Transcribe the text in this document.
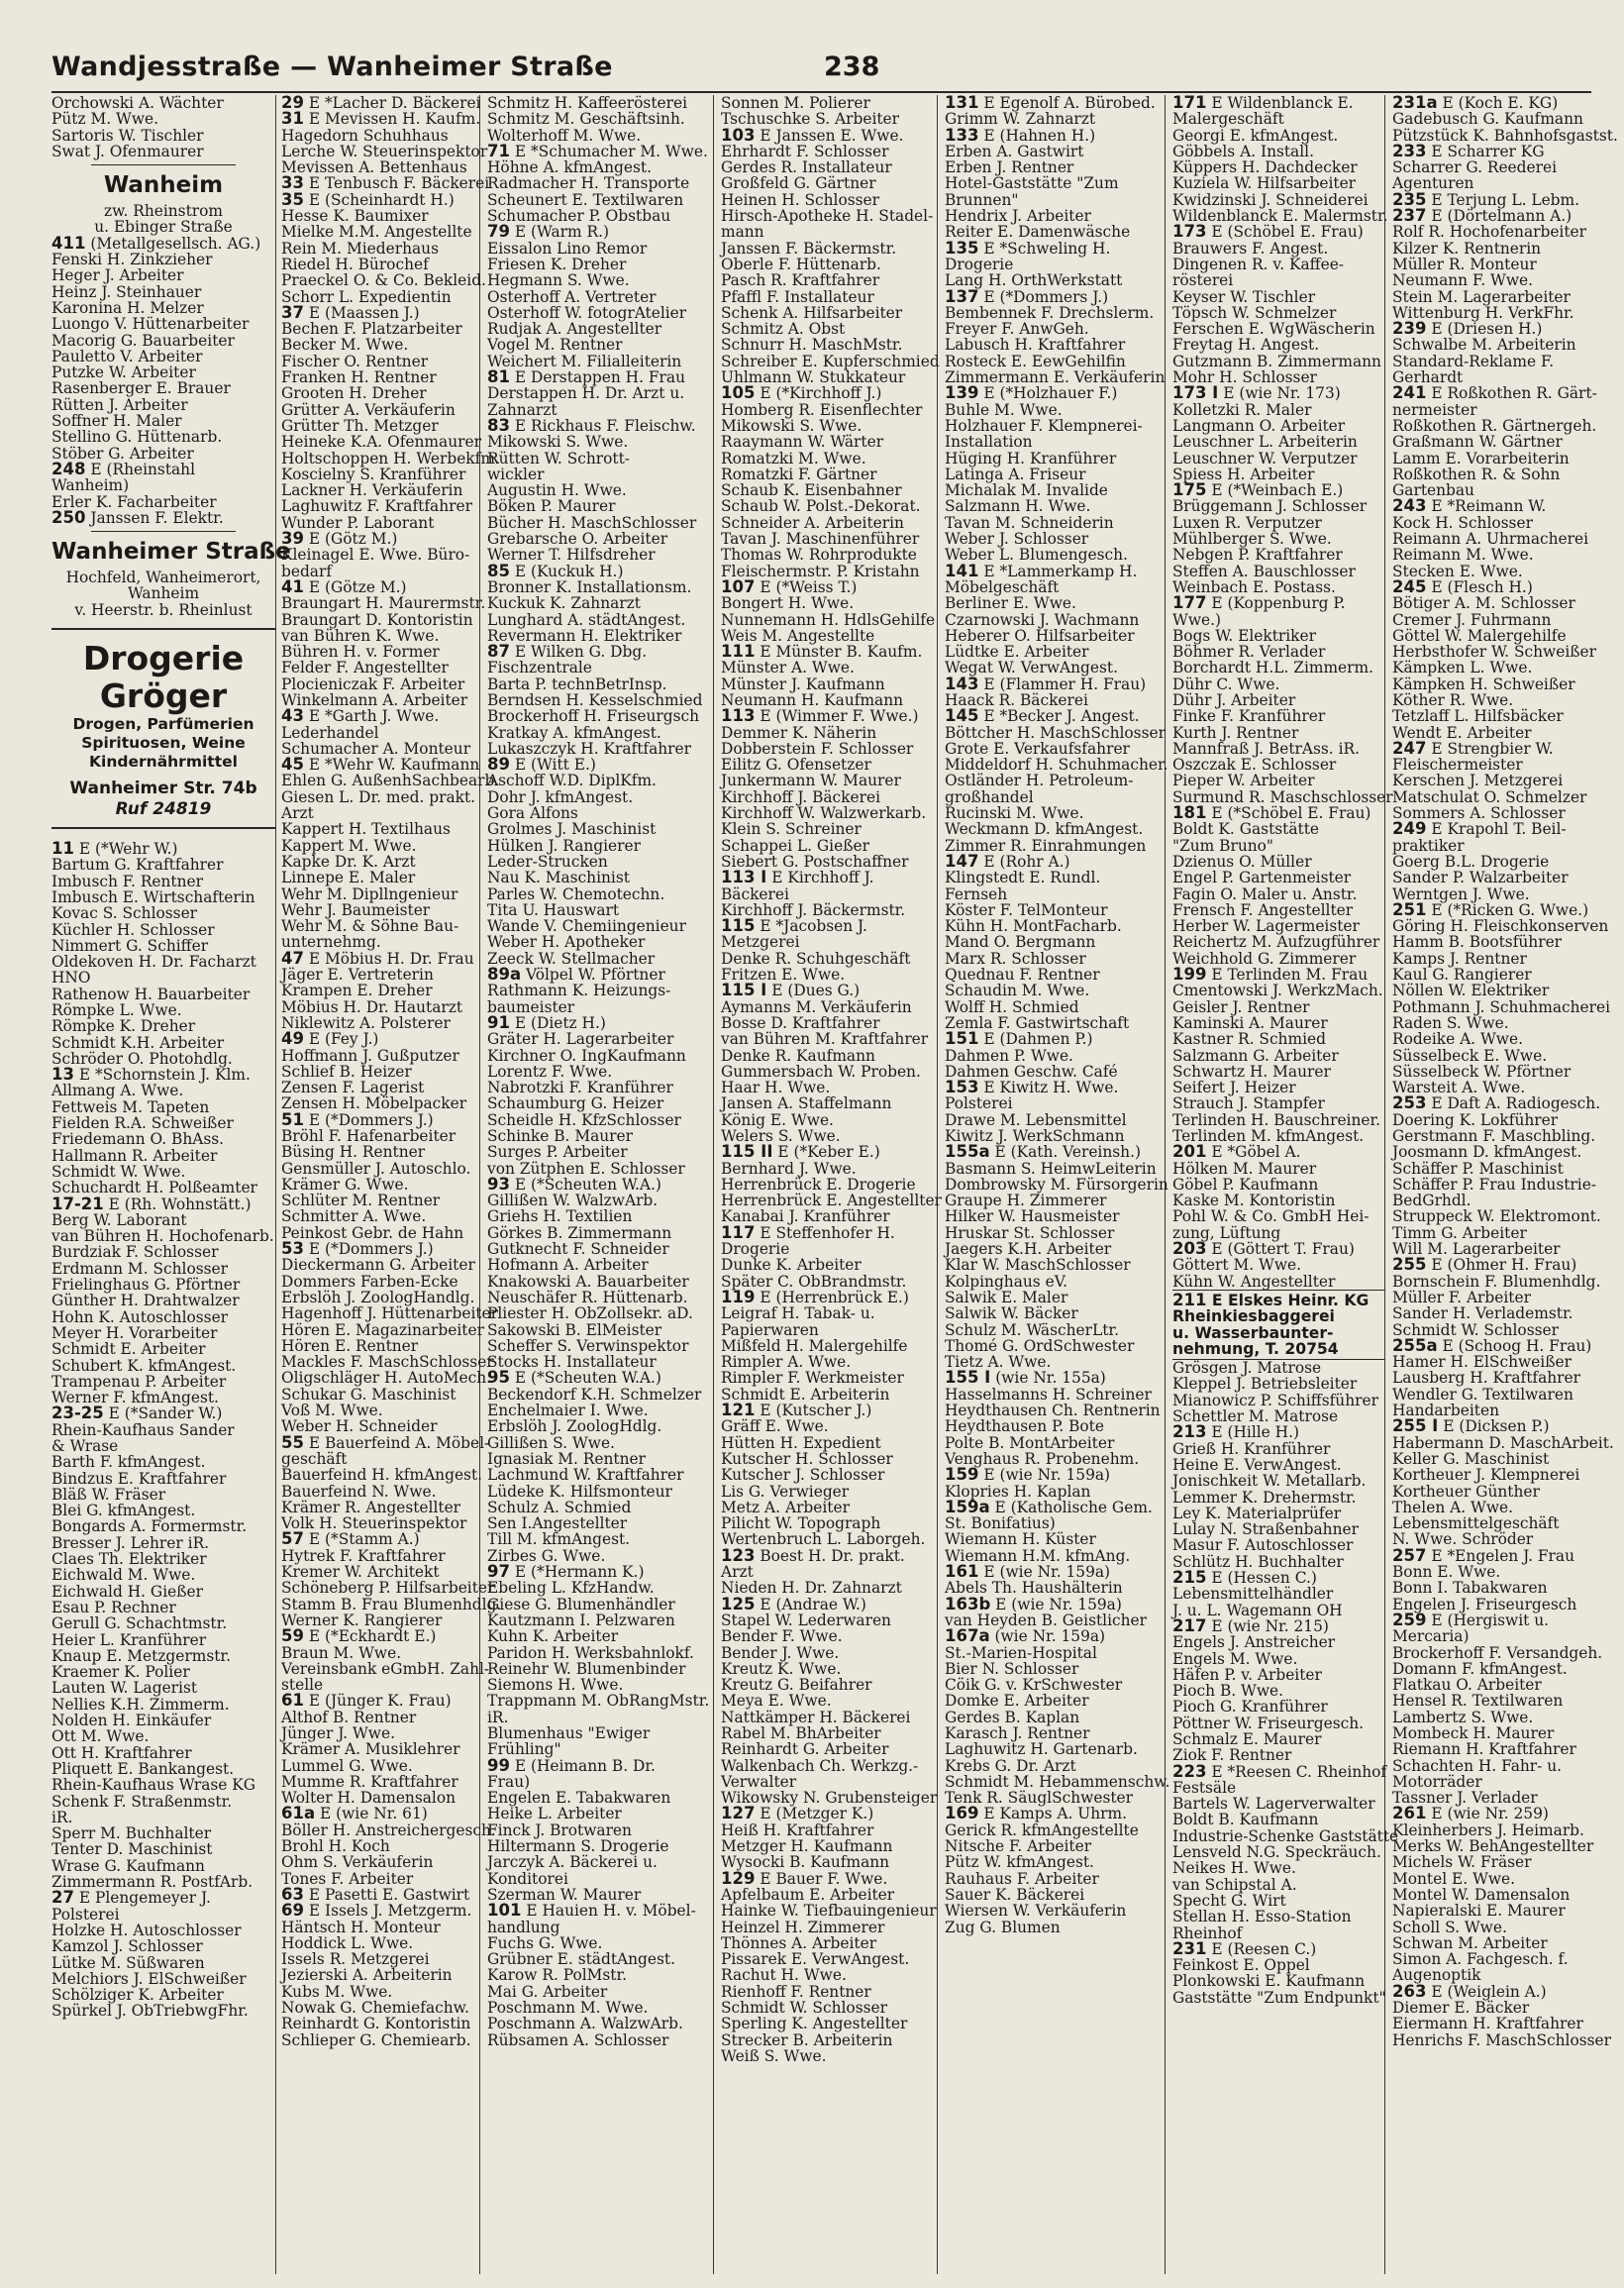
Wandjesstraße — Wanheimer Straße	238
Orchowski A. Wächter
Pütz M. Wwe.
Sartoris W. Tischler
Swat J. Ofenmaurer
Wanheim
zw. Rheinstrom
u. Ebinger Straße
411 (Metallgesellsch. AG.)
Fenski H. Zinkzieher
Heger J. Arbeiter
Heinz J. Steinhauer
Karonina H. Melzer
Luongo V. Hüttenarbeiter
Macorig G. Bauarbeiter
Pauletto V. Arbeiter
Putzke W. Arbeiter
Rasenberger E. Brauer
Rütten J. Arbeiter
Soffner H. Maler
Stellino G. Hüttenarb.
Stöber G. Arbeiter
248 E (Rheinstahl
Wanheim)
Erler K. Facharbeiter
250 Janssen F. Elektr.
Wanheimer Straße
Hochfeld, Wanheimerort,
Wanheim
v. Heerstr. b. Rheinlust
Drogerie
Gröger
Drogen, Parfümerien
Spirituosen, Weine
Kindernährmittel
Wanheimer Str. 74b
Ruf 24819
11 E (*Wehr W.)
Bartum G. Kraftfahrer
Imbusch F. Rentner
Imbusch E. Wirtschafterin
Kovac S. Schlosser
Küchler H. Schlosser
Nimmert G. Schiffer
Oldekoven H. Dr. Facharzt
HNO
Rathenow H. Bauarbeiter
Römpke L. Wwe.
Römpke K. Dreher
Schmidt K.H. Arbeiter
Schröder O. Photohdlg.
13 E *Schornstein J. Klm.
Allmang A. Wwe.
Fettweis M. Tapeten
Fielden R.A. Schweißer
Friedemann O. BhAss.
Hallmann R. Arbeiter
Schmidt W. Wwe.
Schuchardt H. Polßeamter
17-21 E (Rh. Wohnstätt.)
Berg W. Laborant
van Bühren H. Hochofenarb.
Burdziak F. Schlosser
Erdmann M. Schlosser
Frielinghaus G. Pförtner
Günther H. Drahtwalzer
Hohn K. Autoschlosser
Meyer H. Vorarbeiter
Schmidt E. Arbeiter
Schubert K. kfmAngest.
Trampenau P. Arbeiter
Werner F. kfmAngest.
23-25 E (*Sander W.)
Rhein-Kaufhaus Sander
& Wrase
Barth F. kfmAngest.
Bindzus E. Kraftfahrer
Bläß W. Fräser
Blei G. kfmAngest.
Bongards A. Formermstr.
Bresser J. Lehrer iR.
Claes Th. Elektriker
Eichwald M. Wwe.
Eichwald H. Gießer
Esau P. Rechner
Gerull G. Schachtmstr.
Heier L. Kranführer
Knaup E. Metzgermstr.
Kraemer K. Polier
Lauten W. Lagerist
Nellies K.H. Zimmerm.
Nolden H. Einkäufer
Ott M. Wwe.
Ott H. Kraftfahrer
Pliquett E. Bankangest.
Rhein-Kaufhaus Wrase KG
Schenk F. Straßenmstr.
iR.
Sperr M. Buchhalter
Tenter D. Maschinist
Wrase G. Kaufmann
Zimmermann R. PostfArb.
27 E Plengemeyer J.
Polsterei
Holzke H. Autoschlosser
Kamzol J. Schlosser
Lütke M. Süßwaren
Melchiors J. ElSchweißer
Schölziger K. Arbeiter
Spürkel J. ObTriebwgFhr.
29 E *Lacher D. Bäckerei
31 E Mevissen H. Kaufm.
Hagedorn Schuhhaus
Lerche W. Steuerinspektor
Mevissen A. Bettenhaus
33 E Tenbusch F. Bäckerei
35 E (Scheinhardt H.)
Hesse K. Baumixer
Mielke M.M. Angestellte
Rein M. Miederhaus
Riedel H. Bürochef
Praeckel O. & Co. Bekleid.
Schorr L. Expedientin
37 E (Maassen J.)
Bechen F. Platzarbeiter
Becker M. Wwe.
Fischer O. Rentner
Franken H. Rentner
Grooten H. Dreher
Grütter A. Verkäuferin
Grütter Th. Metzger
Heineke K.A. Ofenmaurer
Holtschoppen H. Werbekfm.
Koscielny S. Kranführer
Lackner H. Verkäuferin
Laghuwitz F. Kraftfahrer
Wunder P. Laborant
39 E (Götz M.)
Kleinagel E. Wwe. Büro-
bedarf
41 E (Götze M.)
Braungart H. Maurermstr.
Braungart D. Kontoristin
van Bühren K. Wwe.
Bühren H. v. Former
Felder F. Angestellter
Plocieniczak F. Arbeiter
Winkelmann A. Arbeiter
43 E *Garth J. Wwe.
Lederhandel
Schumacher A. Monteur
45 E *Wehr W. Kaufmann
Ehlen G. AußenhSachbearb.
Giesen L. Dr. med. prakt.
Arzt
Kappert H. Textilhaus
Kappert M. Wwe.
Kapke Dr. K. Arzt
Linnepe E. Maler
Wehr M. Dipllngenieur
Wehr J. Baumeister
Wehr M. & Söhne Bau-
unternehmg.
47 E Möbius H. Dr. Frau
Jäger E. Vertreterin
Krampen E. Dreher
Möbius H. Dr. Hautarzt
Niklewitz A. Polsterer
49 E (Fey J.)
Hoffmann J. Gußputzer
Schlief B. Heizer
Zensen F. Lagerist
Zensen H. Möbelpacker
51 E (*Dommers J.)
Bröhl F. Hafenarbeiter
Büsing H. Rentner
Gensmüller J. Autoschlo.
Krämer G. Wwe.
Schlüter M. Rentner
Schmitter A. Wwe.
Peinkost Gebr. de Hahn
53 E (*Dommers J.)
Dieckermann G. Arbeiter
Dommers Farben-Ecke
Erbslöh J. ZoologHandlg.
Hagenhoff J. Hüttenarbeiter
Hören E. Magazinarbeiter
Hören E. Rentner
Mackles F. MaschSchlosser
Oligschläger H. AutoMech.
Schukar G. Maschinist
Voß M. Wwe.
Weber H. Schneider
55 E Bauerfeind A. Möbel-
geschäft
Bauerfeind H. kfmAngest.
Bauerfeind N. Wwe.
Krämer R. Angestellter
Volk H. Steuerinspektor
57 E (*Stamm A.)
Hytrek F. Kraftfahrer
Kremer W. Architekt
Schöneberg P. Hilfsarbeiter
Stamm B. Frau Blumenhdlg.
Werner K. Rangierer
59 E (*Eckhardt E.)
Braun M. Wwe.
Vereinsbank eGmbH. Zahl-
stelle
61 E (Jünger K. Frau)
Althof B. Rentner
Jünger J. Wwe.
Krämer A. Musiklehrer
Lummel G. Wwe.
Mumme R. Kraftfahrer
Wolter H. Damensalon
61a E (wie Nr. 61)
Böller H. Anstreichergesch.
Brohl H. Koch
Ohm S. Verkäuferin
Tones F. Arbeiter
63 E Pasetti E. Gastwirt
69 E Issels J. Metzgerm.
Häntsch H. Monteur
Hoddick L. Wwe.
Issels R. Metzgerei
Jezierski A. Arbeiterin
Kubs M. Wwe.
Nowak G. Chemiefachw.
Reinhardt G. Kontoristin
Schlieper G. Chemiearb.
Schmitz H. Kaffeerösterei
Schmitz M. Geschäftsinh.
Wolterhoff M. Wwe.
71 E *Schumacher M. Wwe.
Höhne A. kfmAngest.
Radmacher H. Transporte
Scheunert E. Textilwaren
Schumacher P. Obstbau
79 E (Warm R.)
Eissalon Lino Remor
Friesen K. Dreher
Hegmann S. Wwe.
Osterhoff A. Vertreter
Osterhoff W. fotogrAtelier
Rudjak A. Angestellter
Vogel M. Rentner
Weichert M. Filialleiterin
81 E Derstappen H. Frau
Derstappen H. Dr. Arzt u.
Zahnarzt
83 E Rickhaus F. Fleischw.
Mikowski S. Wwe.
Rütten W. Schrott-
wickler
Augustin H. Wwe.
Böken P. Maurer
Bücher H. MaschSchlosser
Grebarsche O. Arbeiter
Werner T. Hilfsdreher
85 E (Kuckuk H.)
Bronner K. Installationsm.
Kuckuk K. Zahnarzt
Lunghard A. städtAngest.
Revermann H. Elektriker
87 E Wilken G. Dbg.
Fischzentrale
Barta P. technBetrInsp.
Berndsen H. Kesselschmied
Brockerhoff H. Friseurgsch
Kratkay A. kfmAngest.
Lukaszczyk H. Kraftfahrer
89 E (Witt E.)
Aschoff W.D. DiplKfm.
Dohr J. kfmAngest.
Gora Alfons
Grolmes J. Maschinist
Hülken J. Rangierer
Leder-Strucken
Nau K. Maschinist
Parles W. Chemotechn.
Tita U. Hauswart
Wande V. Chemiingenieur
Weber H. Apotheker
Zeeck W. Stellmacher
89a Völpel W. Pförtner
Rathmann K. Heizungs-
baumeister
91 E (Dietz H.)
Gräter H. Lagerarbeiter
Kirchner O. IngKaufmann
Lorentz F. Wwe.
Nabrotzki F. Kranführer
Schaumburg G. Heizer
Scheidle H. KfzSchlosser
Schinke B. Maurer
Surges P. Arbeiter
von Zütphen E. Schlosser
93 E (*Scheuten W.A.)
Gillißen W. WalzwArb.
Griehs H. Textilien
Görkes B. Zimmermann
Gutknecht F. Schneider
Hofmann A. Arbeiter
Knakowski A. Bauarbeiter
Neuschäfer R. Hüttenarb.
Pliester H. ObZollsekr. aD.
Sakowski B. ElMeister
Scheffer S. Verwinspektor
Stocks H. Installateur
95 E (*Scheuten W.A.)
Beckendorf K.H. Schmelzer
Enchelmaier I. Wwe.
Erbslöh J. ZoologHdlg.
Gillißen S. Wwe.
Ignasiak M. Rentner
Lachmund W. Kraftfahrer
Lüdeke K. Hilfsmonteur
Schulz A. Schmied
Sen I.Angestellter
Till M. kfmAngest.
Zirbes G. Wwe.
97 E (*Hermann K.)
Ebeling L. KfzHandw.
Giese G. Blumenhändler
Kautzmann I. Pelzwaren
Kuhn K. Arbeiter
Paridon H. Werksbahnlokf.
Reinehr W. Blumenbinder
Siemons H. Wwe.
Trappmann M. ObRangMstr.
iR.
Blumenhaus "Ewiger
Frühling"
99 E (Heimann B. Dr.
Frau)
Engelen E. Tabakwaren
Heike L. Arbeiter
Finck J. Brotwaren
Hiltermann S. Drogerie
Jarczyk A. Bäckerei u.
Konditorei
Szerman W. Maurer
101 E Hauien H. v. Möbel-
handlung
Fuchs G. Wwe.
Grübner E. städtAngest.
Karow R. PolMstr.
Mai G. Arbeiter
Poschmann M. Wwe.
Poschmann A. WalzwArb.
Rübsamen A. Schlosser
Sonnen M. Polierer
Tschuschke S. Arbeiter
103 E Janssen E. Wwe.
Ehrhardt F. Schlosser
Gerdes R. Installateur
Großfeld G. Gärtner
Heinen H. Schlosser
Hirsch-Apotheke H. Stadel-
mann
Janssen F. Bäckermstr.
Oberle F. Hüttenarb.
Pasch R. Kraftfahrer
Pfaffl F. Installateur
Schenk A. Hilfsarbeiter
Schmitz A. Obst
Schnurr H. MaschMstr.
Schreiber E. Kupferschmied
Uhlmann W. Stukkateur
105 E (*Kirchhoff J.)
Homberg R. Eisenflechter
Mikowski S. Wwe.
Raaymann W. Wärter
Romatzki M. Wwe.
Romatzki F. Gärtner
Schaub K. Eisenbahner
Schaub W. Polst.-Dekorat.
Schneider A. Arbeiterin
Tavan J. Maschinenführer
Thomas W. Rohrprodukte
Fleischermstr. P. Kristahn
107 E (*Weiss T.)
Bongert H. Wwe.
Nunnemann H. HdlsGehilfe
Weis M. Angestellte
111 E Münster B. Kaufm.
Münster A. Wwe.
Münster J. Kaufmann
Neumann H. Kaufmann
113 E (Wimmer F. Wwe.)
Demmer K. Näherin
Dobberstein F. Schlosser
Eilitz G. Ofensetzer
Junkermann W. Maurer
Kirchhoff J. Bäckerei
Kirchhoff W. Walzwerkarb.
Klein S. Schreiner
Schappei L. Gießer
Siebert G. Postschaffner
113 I E Kirchhoff J.
Bäckerei
Kirchhoff J. Bäckermstr.
115 E *Jacobsen J.
Metzgerei
Denke R. Schuhgeschäft
Fritzen E. Wwe.
115 I E (Dues G.)
Aymanns M. Verkäuferin
Bosse D. Kraftfahrer
van Bühren M. Kraftfahrer
Denke R. Kaufmann
Gummersbach W. Proben.
Haar H. Wwe.
Jansen A. Staffelmann
König E. Wwe.
Welers S. Wwe.
115 II E (*Keber E.)
Bernhard J. Wwe.
Herrenbrück E. Drogerie
Herrenbrück E. Angestellter
Kanabai J. Kranführer
117 E Steffenhofer H.
Drogerie
Dunke K. Arbeiter
Später C. ObBrandmstr.
119 E (Herrenbrück E.)
Leigraf H. Tabak- u.
Papierwaren
Mißfeld H. Malergehilfe
Rimpler A. Wwe.
Rimpler F. Werkmeister
Schmidt E. Arbeiterin
121 E (Kutscher J.)
Gräff E. Wwe.
Hütten H. Expedient
Kutscher H. Schlosser
Kutscher J. Schlosser
Lis G. Verwieger
Metz A. Arbeiter
Pilicht W. Topograph
Wertenbruch L. Laborgeh.
123 Boest H. Dr. prakt.
Arzt
Nieden H. Dr. Zahnarzt
125 E (Andrae W.)
Stapel W. Lederwaren
Bender F. Wwe.
Bender J. Wwe.
Kreutz K. Wwe.
Kreutz G. Beifahrer
Meya E. Wwe.
Nattkämper H. Bäckerei
Rabel M. BhArbeiter
Reinhardt G. Arbeiter
Walkenbach Ch. Werkzg.-
Verwalter
Wikowsky N. Grubensteiger
127 E (Metzger K.)
Heiß H. Kraftfahrer
Metzger H. Kaufmann
Wysocki B. Kaufmann
129 E Bauer F. Wwe.
Apfelbaum E. Arbeiter
Hainke W. Tiefbauingenieur
Heinzel H. Zimmerer
Thönnes A. Arbeiter
Pissarek E. VerwAngest.
Rachut H. Wwe.
Rienhoff F. Rentner
Schmidt W. Schlosser
Sperling K. Angestellter
Strecker B. Arbeiterin
Weiß S. Wwe.
131 E Egenolf A. Bürobed.
Grimm W. Zahnarzt
133 E (Hahnen H.)
Erben A. Gastwirt
Erben J. Rentner
Hotel-Gaststätte "Zum
Brunnen"
Hendrix J. Arbeiter
Reiter E. Damenwäsche
135 E *Schweling H.
Drogerie
Lang H. OrthWerkstatt
137 E (*Dommers J.)
Bembennek F. Drechslerm.
Freyer F. AnwGeh.
Labusch H. Kraftfahrer
Rosteck E. EewGehilfin
Zimmermann E. Verkäuferin
139 E (*Holzhauer F.)
Buhle M. Wwe.
Holzhauer F. Klempnerei-
Installation
Hüging H. Kranführer
Latinga A. Friseur
Michalak M. Invalide
Salzmann H. Wwe.
Tavan M. Schneiderin
Weber J. Schlosser
Weber L. Blumengesch.
141 E *Lammerkamp H.
Möbelgeschäft
Berliner E. Wwe.
Czarnowski J. Wachmann
Heberer O. Hilfsarbeiter
Lüdtke E. Arbeiter
Wegat W. VerwAngest.
143 E (Flammer H. Frau)
Haack R. Bäckerei
145 E *Becker J. Angest.
Böttcher H. MaschSchlosser
Grote E. Verkaufsfahrer
Middeldorf H. Schuhmacher.
Ostländer H. Petroleum-
großhandel
Rucinski M. Wwe.
Weckmann D. kfmAngest.
Zimmer R. Einrahmungen
147 E (Rohr A.)
Klingstedt E. Rundl.
Fernseh
Köster F. TelMonteur
Kühn H. MontFacharb.
Mand O. Bergmann
Marx R. Schlosser
Quednau F. Rentner
Schaudin M. Wwe.
Wolff H. Schmied
Zemla F. Gastwirtschaft
151 E (Dahmen P.)
Dahmen P. Wwe.
Dahmen Geschw. Café
153 E Kiwitz H. Wwe.
Polsterei
Drawe M. Lebensmittel
Kiwitz J. WerkSchmann
155a E (Kath. Vereinsh.)
Basmann S. HeimwLeiterin
Dombrowsky M. Fürsorgerin
Graupe H. Zimmerer
Hilker W. Hausmeister
Hruskar St. Schlosser
Jaegers K.H. Arbeiter
Klar W. MaschSchlosser
Kolpinghaus eV.
Salwik E. Maler
Salwik W. Bäcker
Schulz M. WäscherLtr.
Thomé G. OrdSchwester
Tietz A. Wwe.
155 I (wie Nr. 155a)
Hasselmanns H. Schreiner
Heydthausen Ch. Rentnerin
Heydthausen P. Bote
Polte B. MontArbeiter
Venghaus R. Probenehm.
159 E (wie Nr. 159a)
Klopries H. Kaplan
159a E (Katholische Gem.
St. Bonifatius)
Wiemann H. Küster
Wiemann H.M. kfmAng.
161 E (wie Nr. 159a)
Abels Th. Haushälterin
163b E (wie Nr. 159a)
van Heyden B. Geistlicher
167a (wie Nr. 159a)
St.-Marien-Hospital
Bier N. Schlosser
Cöik G. v. KrSchwester
Domke E. Arbeiter
Gerdes B. Kaplan
Karasch J. Rentner
Laghuwitz H. Gartenarb.
Krebs G. Dr. Arzt
Schmidt M. Hebammenschw.
Tenk R. SäuglSchwester
169 E Kamps A. Uhrm.
Gerick R. kfmAngestellte
Nitsche F. Arbeiter
Pütz W. kfmAngest.
Rauhaus F. Arbeiter
Sauer K. Bäckerei
Wiersen W. Verkäuferin
Zug G. Blumen
171 E Wildenblanck E.
Malergeschäft
Georgi E. kfmAngest.
Göbbels A. Install.
Küppers H. Dachdecker
Kuziela W. Hilfsarbeiter
Kwidzinski J. Schneiderei
Wildenblanck E. Malermstr.
173 E (Schöbel E. Frau)
Brauwers F. Angest.
Dingenen R. v. Kaffee-
rösterei
Keyser W. Tischler
Töpsch W. Schmelzer
Ferschen E. WgWäscherin
Freytag H. Angest.
Gutzmann B. Zimmermann
Mohr H. Schlosser
173 I E (wie Nr. 173)
Kolletzki R. Maler
Langmann O. Arbeiter
Leuschner L. Arbeiterin
Leuschner W. Verputzer
Spiess H. Arbeiter
175 E (*Weinbach E.)
Brüggemann J. Schlosser
Luxen R. Verputzer
Mühlberger S. Wwe.
Nebgen P. Kraftfahrer
Steffen A. Bauschlosser
Weinbach E. Postass.
177 E (Koppenburg P.
Wwe.)
Bogs W. Elektriker
Böhmer R. Verlader
Borchardt H.L. Zimmerm.
Dühr C. Wwe.
Dühr J. Arbeiter
Finke F. Kranführer
Kurth J. Rentner
Mannfraß J. BetrAss. iR.
Oszczak E. Schlosser
Pieper W. Arbeiter
Surmund R. Maschschlosser
181 E (*Schöbel E. Frau)
Boldt K. Gaststätte
"Zum Bruno"
Dzienus O. Müller
Engel P. Gartenmeister
Fagin O. Maler u. Anstr.
Frensch F. Angestellter
Herber W. Lagermeister
Reichertz M. Aufzugführer
Weichhold G. Zimmerer
199 E Terlinden M. Frau
Cmentowski J. WerkzMach.
Geisler J. Rentner
Kaminski A. Maurer
Kastner R. Schmied
Salzmann G. Arbeiter
Schwartz H. Maurer
Seifert J. Heizer
Strauch J. Stampfer
Terlinden H. Bauschreiner.
Terlinden M. kfmAngest.
201 E *Göbel A.
Hölken M. Maurer
Göbel P. Kaufmann
Kaske M. Kontoristin
Pohl W. & Co. GmbH Hei-
zung, Lüftung
203 E (Göttert T. Frau)
Göttert M. Wwe.
Kühn W. Angestellter
211 E Elskes Heinr. KG
Rheinkiesbaggerei
u. Wasserbaunter-
nehmung, T. 20754
Grösgen J. Matrose
Kleppel J. Betriebsleiter
Mianowicz P. Schiffsführer
Schettler M. Matrose
213 E (Hille H.)
Grieß H. Kranführer
Heine E. VerwAngest.
Jonischkeit W. Metallarb.
Lemmer K. Drehermstr.
Ley K. Materialprüfer
Lulay N. Straßenbahner
Masur F. Autoschlosser
Schlütz H. Buchhalter
215 E (Hessen C.)
Lebensmittelhändler
J. u. L. Wagemann OH
217 E (wie Nr. 215)
Engels J. Anstreicher
Engels M. Wwe.
Häfen P. v. Arbeiter
Pioch B. Wwe.
Pioch G. Kranführer
Pöttner W. Friseurgesch.
Schmalz E. Maurer
Ziok F. Rentner
223 E *Reesen C. Rheinhof
Festsäle
Bartels W. Lagerverwalter
Boldt B. Kaufmann
Industrie-Schenke Gaststätte
Lensveld N.G. Speckräuch.
Neikes H. Wwe.
van Schipstal A.
Specht G. Wirt
Stellan H. Esso-Station
Rheinhof
231 E (Reesen C.)
Feinkost E. Oppel
Plonkowski E. Kaufmann
Gaststätte "Zum Endpunkt"
231a E (Koch E. KG)
Gadebusch G. Kaufmann
Pützstück K. Bahnhofsgastst.
233 E Scharrer KG
Scharrer G. Reederei
Agenturen
235 E Terjung L. Lebm.
237 E (Dörtelmann A.)
Rolf R. Hochofenarbeiter
Kilzer K. Rentnerin
Müller R. Monteur
Neumann F. Wwe.
Stein M. Lagerarbeiter
Wittenburg H. VerkFhr.
239 E (Driesen H.)
Schwalbe M. Arbeiterin
Standard-Reklame F.
Gerhardt
241 E Roßkothen R. Gärt-
nermeister
Roßkothen R. Gärtnergeh.
Graßmann W. Gärtner
Lamm E. Vorarbeiterin
Roßkothen R. & Sohn
Gartenbau
243 E *Reimann W.
Kock H. Schlosser
Reimann A. Uhrmacherei
Reimann M. Wwe.
Stecken E. Wwe.
245 E (Flesch H.)
Bötiger A. M. Schlosser
Cremer J. Fuhrmann
Göttel W. Malergehilfe
Herbsthofer W. Schweißer
Kämpken L. Wwe.
Kämpken H. Schweißer
Köther R. Wwe.
Tetzlaff L. Hilfsbäcker
Wendt E. Arbeiter
247 E Strengbier W.
Fleischermeister
Kerschen J. Metzgerei
Matschulat O. Schmelzer
Sommers A. Schlosser
249 E Krapohl T. Beil-
praktiker
Goerg B.L. Drogerie
Sander P. Walzarbeiter
Werntgen J. Wwe.
251 E (*Ricken G. Wwe.)
Göring H. Fleischkonserven
Hamm B. Bootsführer
Kamps J. Rentner
Kaul G. Rangierer
Nöllen W. Elektriker
Pothmann J. Schuhmacherei
Raden S. Wwe.
Rodeike A. Wwe.
Süsselbeck E. Wwe.
Süsselbeck W. Pförtner
Warsteit A. Wwe.
253 E Daft A. Radiogesch.
Doering K. Lokführer
Gerstmann F. Maschbling.
Joosmann D. kfmAngest.
Schäffer P. Maschinist
Schäffer P. Frau Industrie-
BedGrhdl.
Struppeck W. Elektromont.
Timm G. Arbeiter
Will M. Lagerarbeiter
255 E (Ohmer H. Frau)
Bornschein F. Blumenhdlg.
Müller F. Arbeiter
Sander H. Verlademstr.
Schmidt W. Schlosser
255a E (Schoog H. Frau)
Hamer H. ElSchweißer
Lausberg H. Kraftfahrer
Wendler G. Textilwaren
Handarbeiten
255 I E (Dicksen P.)
Habermann D. MaschArbeit.
Keller G. Maschinist
Kortheuer J. Klempnerei
Kortheuer Günther
Thelen A. Wwe.
Lebensmittelgeschäft
N. Wwe. Schröder
257 E *Engelen J. Frau
Bonn E. Wwe.
Bonn I. Tabakwaren
Engelen J. Friseurgesch
259 E (Hergiswit u.
Mercaria)
Brockerhoff F. Versandgeh.
Domann F. kfmAngest.
Flatkau O. Arbeiter
Hensel R. Textilwaren
Lambertz S. Wwe.
Mombeck H. Maurer
Riemann H. Kraftfahrer
Schachten H. Fahr- u.
Motorräder
Tassner J. Verlader
261 E (wie Nr. 259)
Kleinherbers J. Heimarb.
Merks W. BehAngestellter
Michels W. Fräser
Montel E. Wwe.
Montel W. Damensalon
Napieralski E. Maurer
Scholl S. Wwe.
Schwan M. Arbeiter
Simon A. Fachgesch. f.
Augenoptik
263 E (Weiglein A.)
Diemer E. Bäcker
Eiermann H. Kraftfahrer
Henrichs F. MaschSchlosser
